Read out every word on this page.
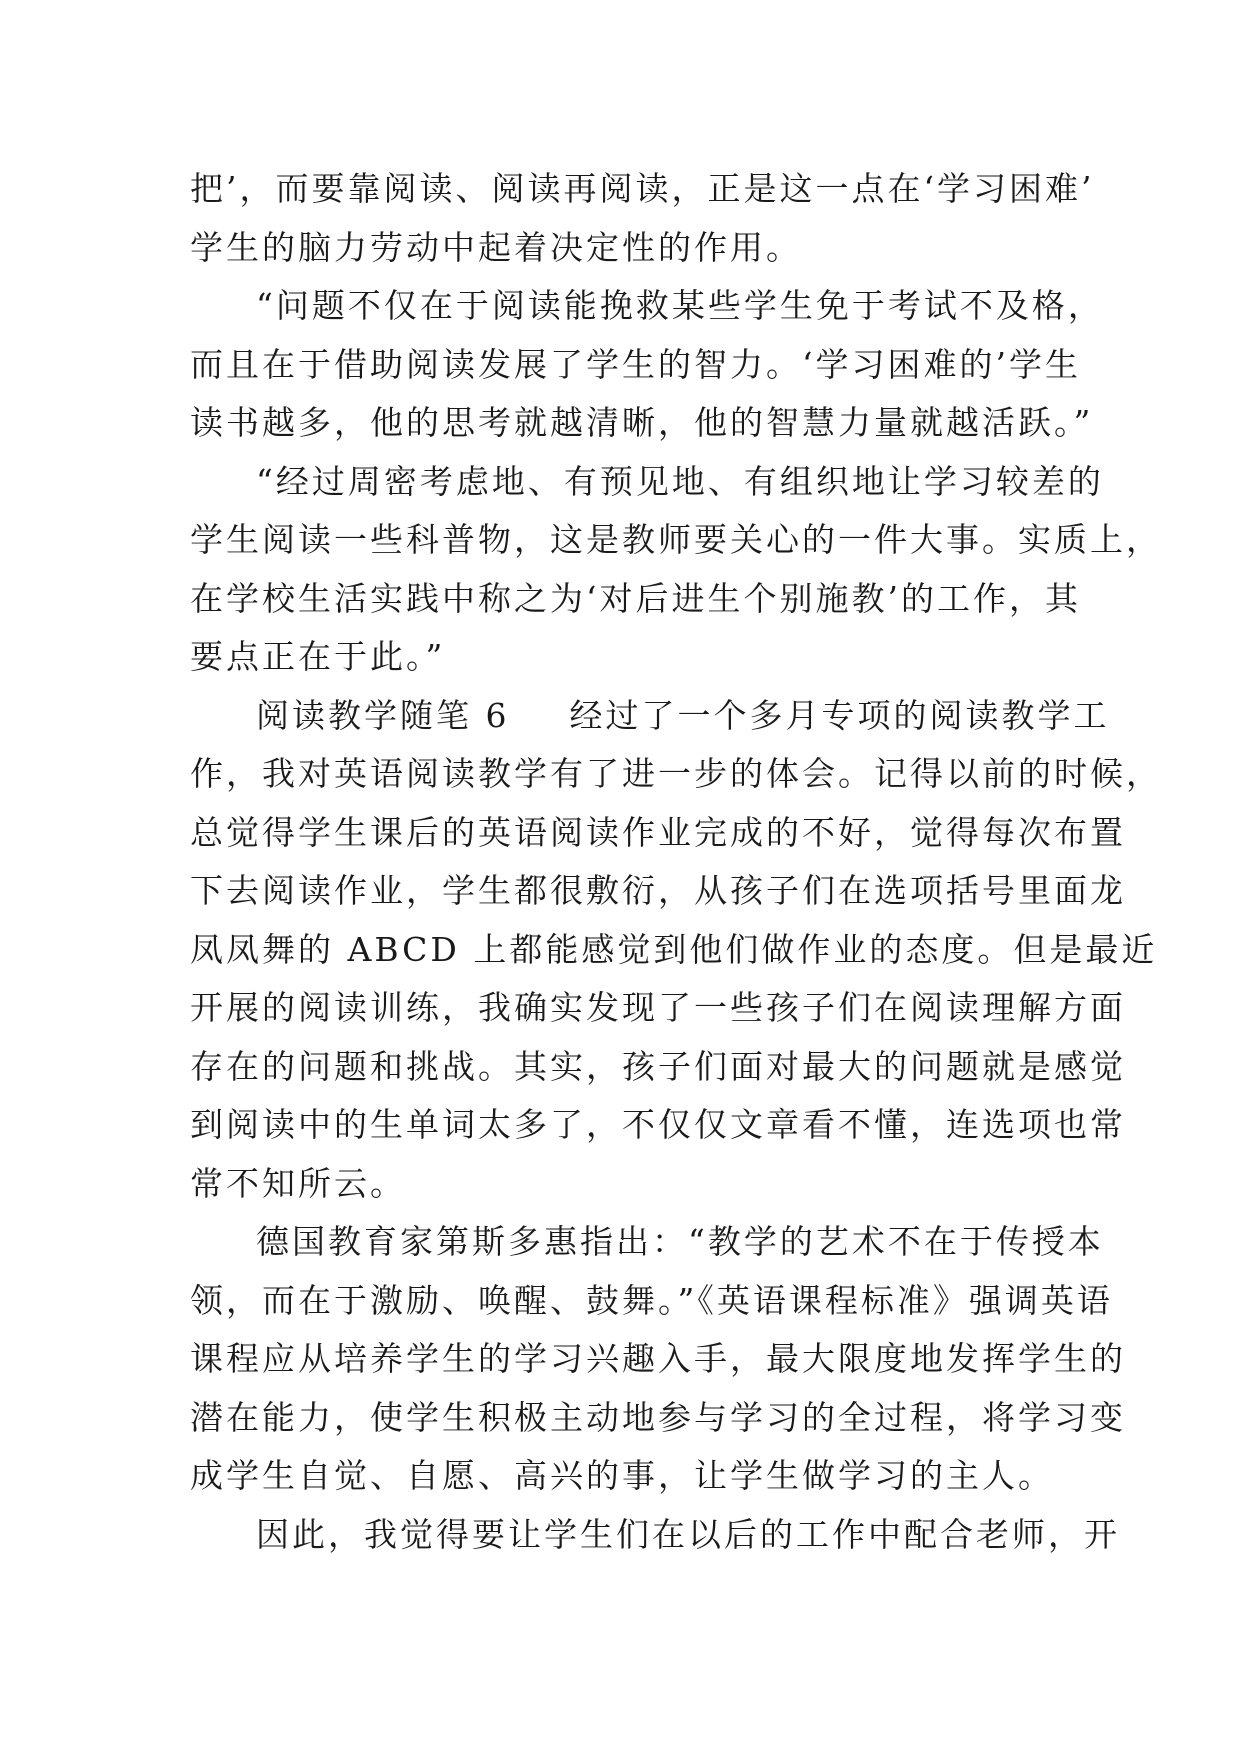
把’，而要靠阅读、阅读再阅读，正是这一点在‘学习困难’
学生的脑力劳动中起着决定性的作用。
“问题不仅在于阅读能挽救某些学生免于考试不及格，
而且在于借助阅读发展了学生的智力。‘学习困难的’学生
读书越多，他的思考就越清晰，他的智慧力量就越活跃。”
“经过周密考虑地、有预见地、有组织地让学习较差的
学生阅读一些科普物，这是教师要关心的一件大事。实质上，
在学校生活实践中称之为‘对后进生个别施教’的工作，其
要点正在于此。”
阅读教学随笔 6 经过了一个多月专项的阅读教学工
作，我对英语阅读教学有了进一步的体会。记得以前的时候，
总觉得学生课后的英语阅读作业完成的不好，觉得每次布置
下去阅读作业，学生都很敷衍，从孩子们在选项括号里面龙
凤凤舞的 ABCD 上都能感觉到他们做作业的态度。但是最近
开展的阅读训练，我确实发现了一些孩子们在阅读理解方面
存在的问题和挑战。其实，孩子们面对最大的问题就是感觉
到阅读中的生单词太多了，不仅仅文章看不懂，连选项也常
常不知所云。
德国教育家第斯多惠指出：“教学的艺术不在于传授本
领，而在于激励、唤醒、鼓舞。”《英语课程标准》强调英语
课程应从培养学生的学习兴趣入手，最大限度地发挥学生的
潜在能力，使学生积极主动地参与学习的全过程，将学习变
成学生自觉、自愿、高兴的事，让学生做学习的主人。
因此，我觉得要让学生们在以后的工作中配合老师，开
